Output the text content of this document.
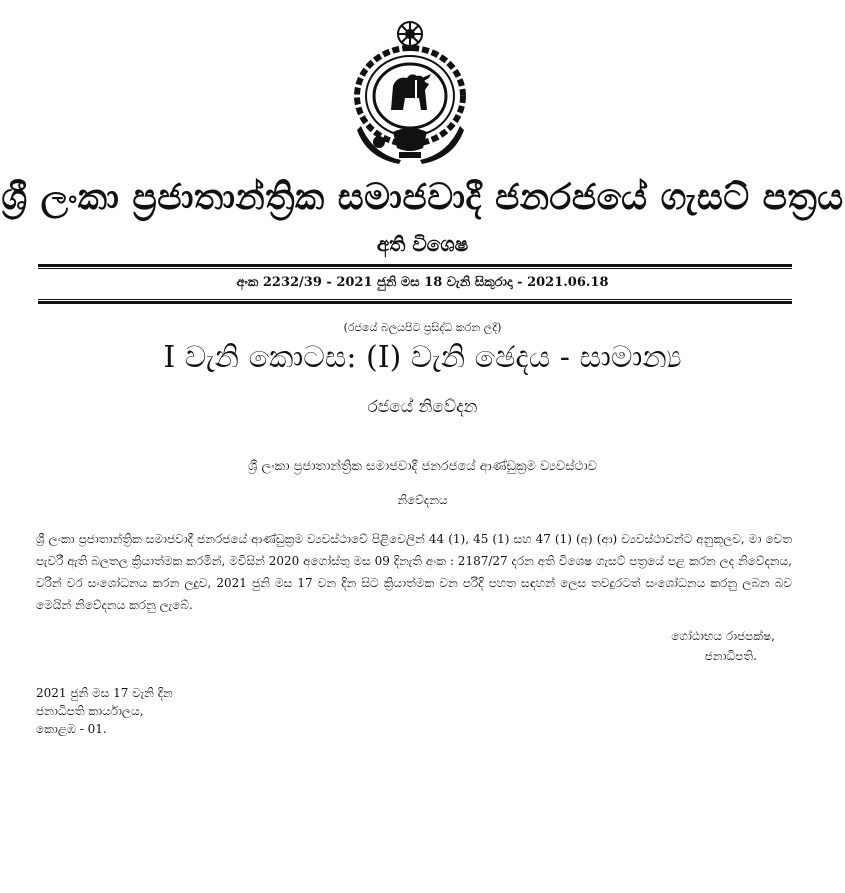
ශ්‍රී ලංකා ප්‍රජාතාන්ත්‍රික සමාජවාදී ජනරජයේ ගැසට් පත්‍රය
අති විශෙෂ
අංක 2232/39 - 2021 ජුනි මස 18 වැනි සිකුරාදා - 2021.06.18
(රජයේ බලයපිට ප්‍රසිද්ධ කරන ලදී)
I වැනි කොටස: (I) වැනි ඡෙදය - සාමාන්‍ය
රජයේ නිවේදන
ශ්‍රී ලංකා ප්‍රජාතාන්ත්‍රික සමාජවාදී ජනරජයේ ආණ්ඩුක්‍රම ව්‍යවස්ථාව
නිවේදනය
ශ්‍රී ලංකා ප්‍රජාතාන්ත්‍රික සමාජවාදී ජනරජයේ ආණ්ඩුක්‍රම ව්‍යවස්ථාවේ පිළිවෙලින් 44 (1), 45 (1) සහ 47 (1) (අ) (ආ) ව්‍යවස්ථාවන්ට අනුකූලව, මා වෙත පැවරී ඇති බලතල ක්‍රියාත්මක කරමින්, මවිසින් 2020 අගෝස්තු මස 09 දිනැති අංක : 2187/27 දරන අති විශෙෂ ගැසට් පත්‍රයේ පළ කරන ලද නිවේදනය, වරින් වර සංශෝධනය කරන ලදුව, 2021 ජුනි මස 17 වන දින සිට ක්‍රියාත්මක වන පරිදි පහත සඳහන් ලෙස තවදුරටත් සංශෝධනය කරනු ලබන බව මෙයින් නිවේදනය කරනු ලැබේ.
ගෝඨාභය රාජපක්ෂ,
ජනාධිපති.
2021 ජුනි මස 17 වැනි දින
ජනාධිපති කාර්යාලය,
කොළඹ - 01.
